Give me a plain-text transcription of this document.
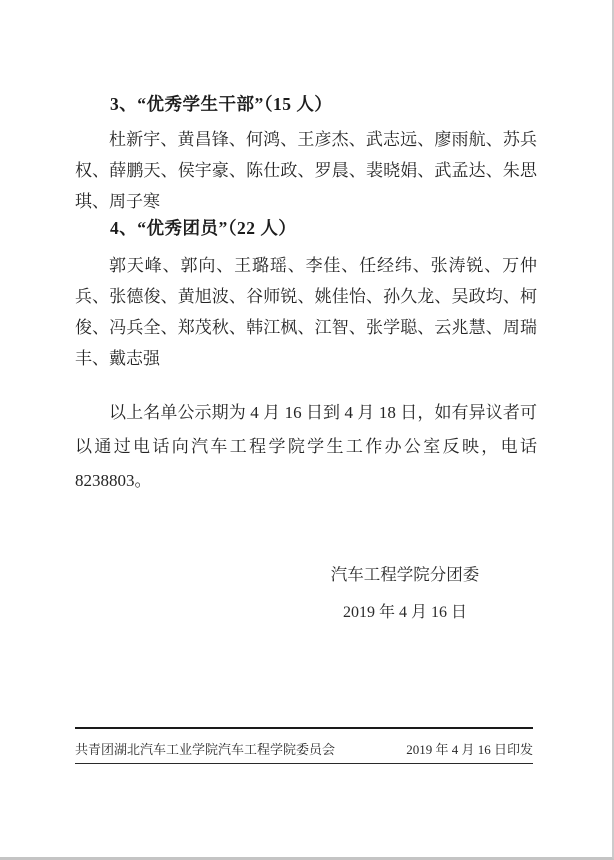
3、“优秀学生干部”（15 人）

杜新宇、黄昌锋、何鸿、王彦杰、武志远、廖雨航、苏兵权、薛鹏天、侯宇豪、陈仕政、罗晨、裴晓娟、武孟达、朱思琪、周子寒

4、“优秀团员”（22 人）

郭天峰、郭向、王璐瑶、李佳、任经纬、张涛锐、万仲兵、张德俊、黄旭波、谷师锐、姚佳怡、孙久龙、吴政均、柯俊、冯兵全、郑茂秋、韩江枫、江智、张学聪、云兆慧、周瑞丰、戴志强

以上名单公示期为 4 月 16 日到 4 月 18 日，如有异议者可以通过电话向汽车工程学院学生工作办公室反映，电话 8238803。

汽车工程学院分团委

2019 年 4 月 16 日

共青团湖北汽车工业学院汽车工程学院委员会	2019 年 4 月 16 日印发
